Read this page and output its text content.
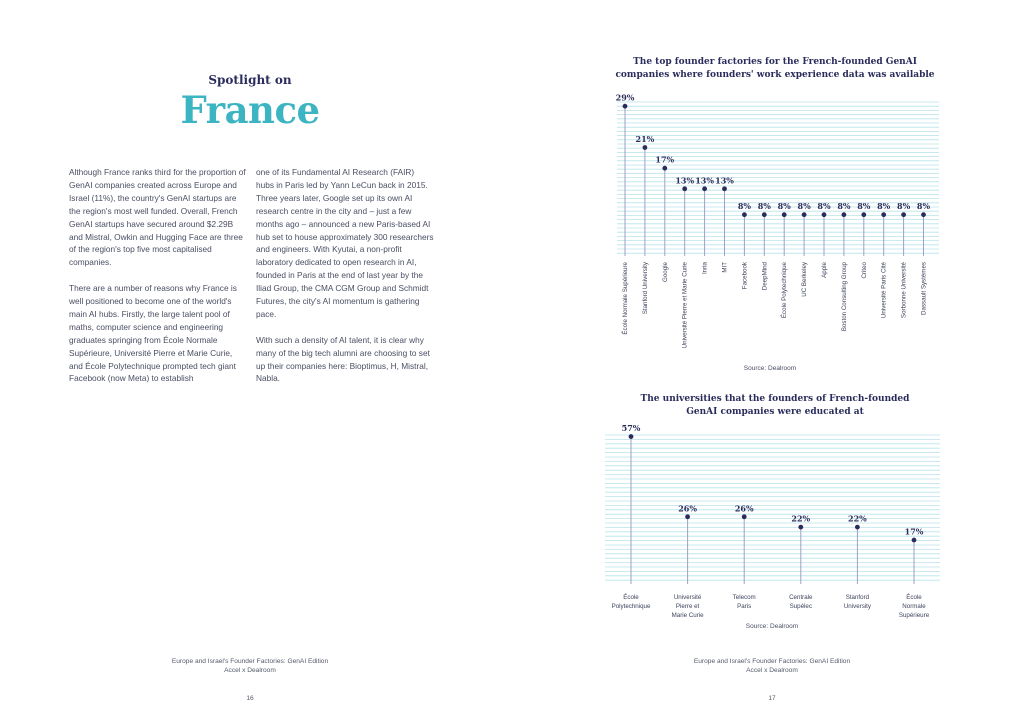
Spotlight on
France

Although France ranks third for the proportion of GenAI companies created across Europe and Israel (11%), the country's GenAI startups are the region's most well funded. Overall, French GenAI startups have secured around $2.29B and Mistral, Owkin and Hugging Face are three of the region's top five most capitalised companies.

There are a number of reasons why France is well positioned to become one of the world's main AI hubs. Firstly, the large talent pool of maths, computer science and engineering graduates springing from École Normale Supérieure, Université Pierre et Marie Curie, and École Polytechnique prompted tech giant Facebook (now Meta) to establish

one of its Fundamental AI Research (FAIR) hubs in Paris led by Yann LeCun back in 2015. Three years later, Google set up its own AI research centre in the city and – just a few months ago – announced a new Paris-based AI hub set to house approximately 300 researchers and engineers. With Kyutai, a non-profit laboratory dedicated to open research in AI, founded in Paris at the end of last year by the Iliad Group, the CMA CGM Group and Schmidt Futures, the city's AI momentum is gathering pace.

With such a density of AI talent, it is clear why many of the big tech alumni are choosing to set up their companies here: Bioptimus, H, Mistral, Nabla.

Europe and Israel's Founder Factories: GenAI Edition
Accel x Dealroom
16
Europe and Israel's Founder Factories: GenAI Edition
Accel x Dealroom
17
The top founder factories for the French-founded GenAI
companies where founders' work experience data was available
29%
École Normale Supérieure
21%
Stanford University
17%
Google
13%
Université Pierre et Marie Curie
13%
Inria
13%
MIT
8%
Facebook
8%
DeepMind
8%
École Polytechnique
8%
UC Berkeley
8%
Apple
8%
Boston Consulting Group
8%
Criteo
8%
Université Paris Cité
8%
Sorbonne Université
8%
Dassault Systèmes
Source: Dealroom
The universities that the founders of French-founded
GenAI companies were educated at
57%
École
Polytechnique
26%
Université
Pierre et
Marie Curie
26%
Telecom
Paris
22%
Centrale
Supélec
22%
Stanford
University
17%
École
Normale
Supérieure
Source: Dealroom
